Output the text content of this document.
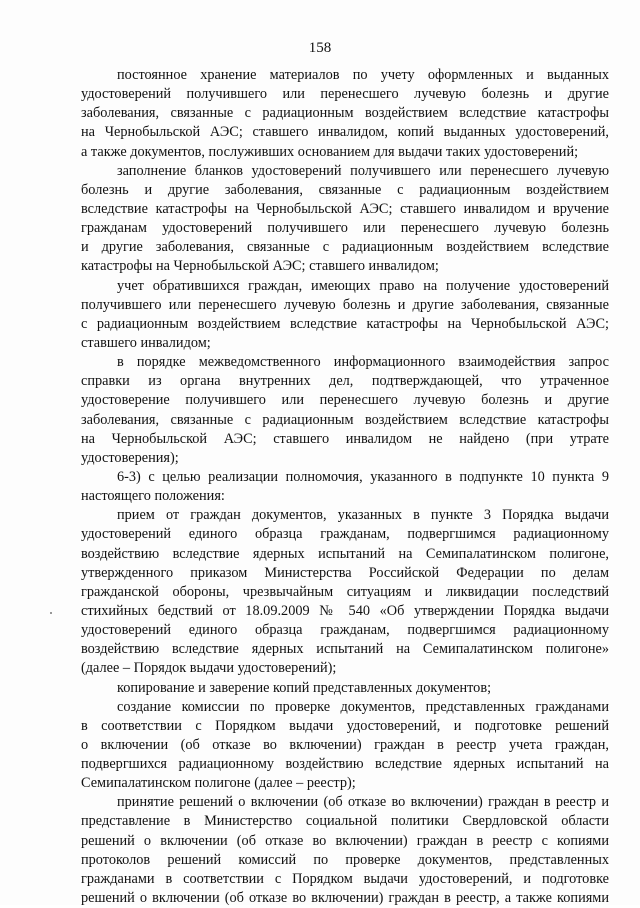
158
постоянное хранение материалов по учету оформленных и выданных
удостоверений получившего или перенесшего лучевую болезнь и другие
заболевания, связанные с радиационным воздействием вследствие катастрофы
на Чернобыльской АЭС; ставшего инвалидом, копий выданных удостоверений,
а также документов, послуживших основанием для выдачи таких удостоверений;
заполнение бланков удостоверений получившего или перенесшего лучевую
болезнь и другие заболевания, связанные с радиационным воздействием
вследствие катастрофы на Чернобыльской АЭС; ставшего инвалидом и вручение
гражданам удостоверений получившего или перенесшего лучевую болезнь
и другие заболевания, связанные с радиационным воздействием вследствие
катастрофы на Чернобыльской АЭС; ставшего инвалидом;
учет обратившихся граждан, имеющих право на получение удостоверений
получившего или перенесшего лучевую болезнь и другие заболевания, связанные
с радиационным воздействием вследствие катастрофы на Чернобыльской АЭС;
ставшего инвалидом;
в порядке межведомственного информационного взаимодействия запрос
справки из органа внутренних дел, подтверждающей, что утраченное
удостоверение получившего или перенесшего лучевую болезнь и другие
заболевания, связанные с радиационным воздействием вследствие катастрофы
на Чернобыльской АЭС; ставшего инвалидом не найдено (при утрате
удостоверения);
6-3) с целью реализации полномочия, указанного в подпункте 10 пункта 9
настоящего положения:
прием от граждан документов, указанных в пункте 3 Порядка выдачи
удостоверений единого образца гражданам, подвергшимся радиационному
воздействию вследствие ядерных испытаний на Семипалатинском полигоне,
утвержденного приказом Министерства Российской Федерации по делам
гражданской обороны, чрезвычайным ситуациям и ликвидации последствий
стихийных бедствий от 18.09.2009 № 540 «Об утверждении Порядка выдачи
удостоверений единого образца гражданам, подвергшимся радиационному
воздействию вследствие ядерных испытаний на Семипалатинском полигоне»
(далее – Порядок выдачи удостоверений);
копирование и заверение копий представленных документов;
создание комиссии по проверке документов, представленных гражданами
в соответствии с Порядком выдачи удостоверений, и подготовке решений
о включении (об отказе во включении) граждан в реестр учета граждан,
подвергшихся радиационному воздействию вследствие ядерных испытаний на
Семипалатинском полигоне (далее – реестр);
принятие решений о включении (об отказе во включении) граждан в реестр и
представление в Министерство социальной политики Свердловской области
решений о включении (об отказе во включении) граждан в реестр с копиями
протоколов решений комиссий по проверке документов, представленных
гражданами в соответствии с Порядком выдачи удостоверений, и подготовке
решений о включении (об отказе во включении) граждан в реестр, а также копиями
